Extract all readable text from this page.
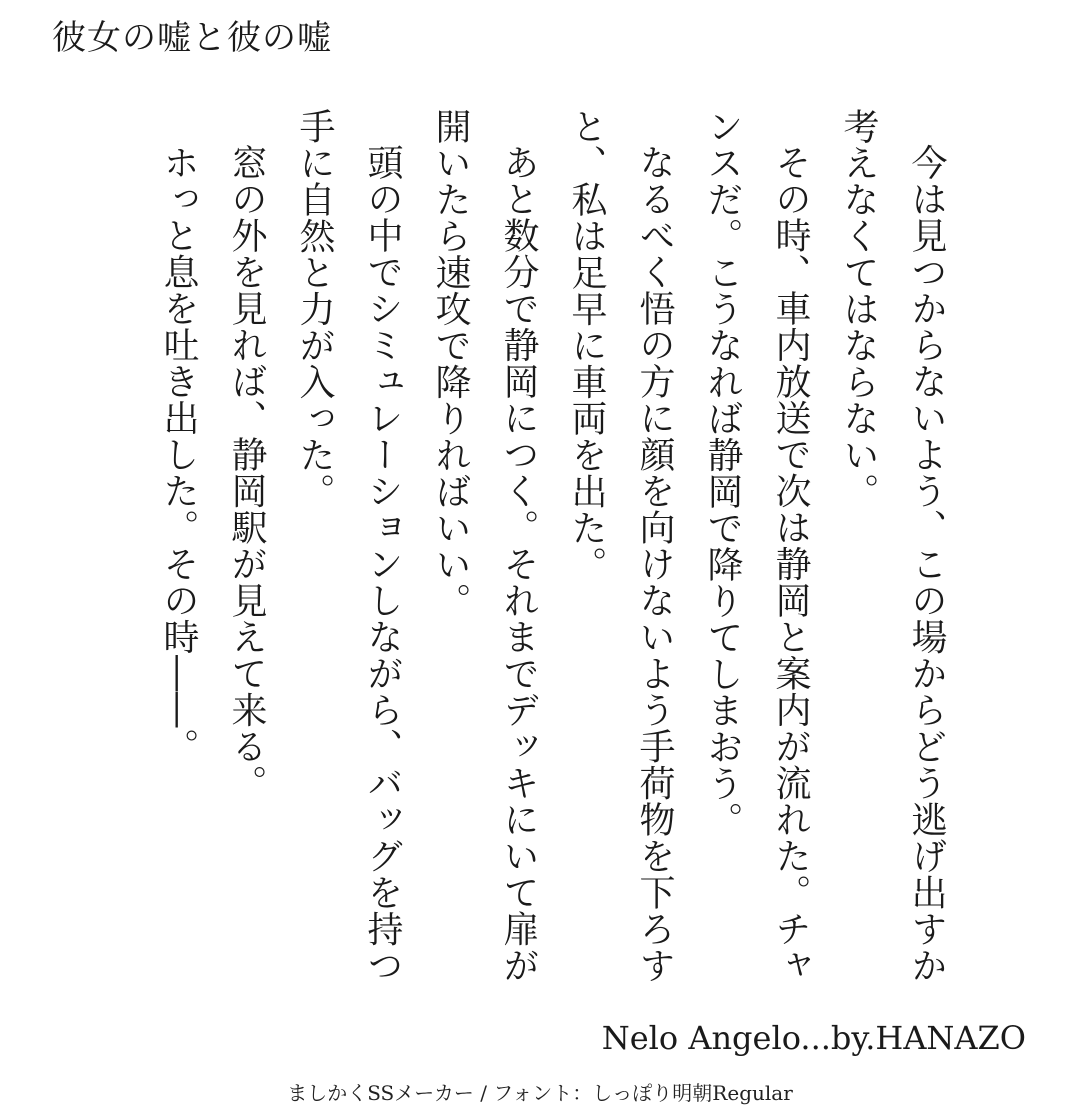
彼女の嘘と彼の嘘

今は見つからないよう、この場からどう逃げ出すか考えなくてはならない。

その時、車内放送で次は静岡と案内が流れた。チャンスだ。こうなれば静岡で降りてしまおう。

なるべく悟の方に顔を向けないよう手荷物を下ろすと、私は足早に車両を出た。

あと数分で静岡につく。それまでデッキにいて扉が開いたら速攻で降りればいい。

頭の中でシミュレーションしながら、バッグを持つ手に自然と力が入った。

窓の外を見れば、静岡駅が見えて来る。

ホっと息を吐き出した。その時――。

Nelo Angelo...by.HANAZO
ましかくSSメーカー / フォント：しっぽり明朝Regular
